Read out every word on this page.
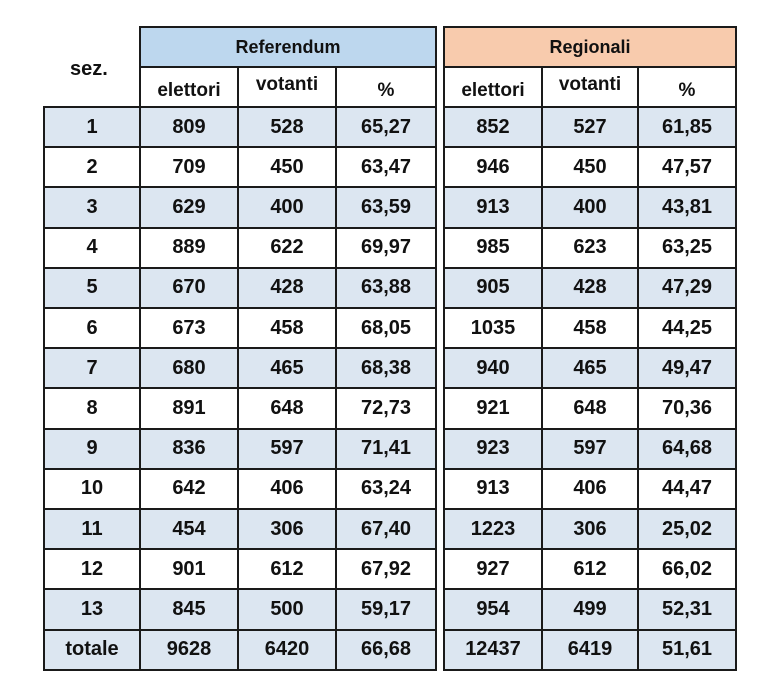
sez.
Referendum	Regionali
elettori	votanti	%	elettori	votanti	%
1	809	528	65,27	852	527	61,85
2	709	450	63,47	946	450	47,57
3	629	400	63,59	913	400	43,81
4	889	622	69,97	985	623	63,25
5	670	428	63,88	905	428	47,29
6	673	458	68,05	1035	458	44,25
7	680	465	68,38	940	465	49,47
8	891	648	72,73	921	648	70,36
9	836	597	71,41	923	597	64,68
10	642	406	63,24	913	406	44,47
11	454	306	67,40	1223	306	25,02
12	901	612	67,92	927	612	66,02
13	845	500	59,17	954	499	52,31
totale	9628	6420	66,68	12437	6419	51,61
